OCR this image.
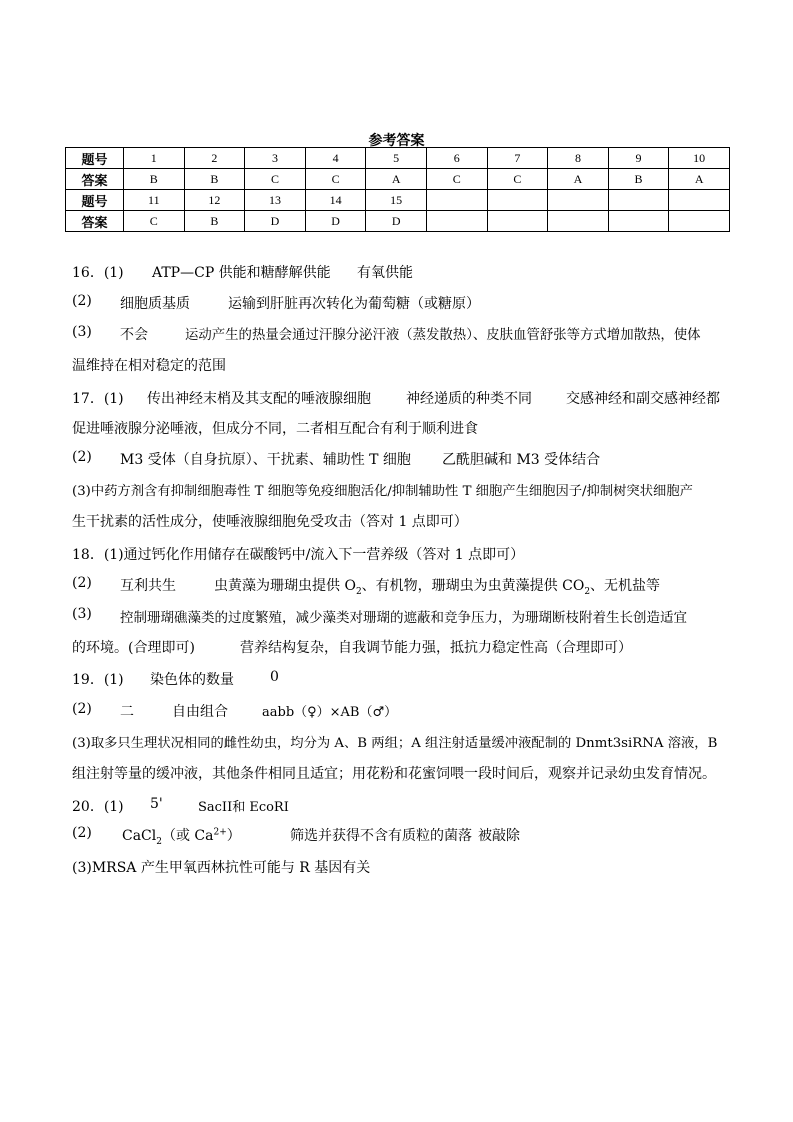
参考答案
题号	1	2	3	4	5	6	7	8	9	10
答案	B	B	C	C	A	C	C	A	B	A
题号	11	12	13	14	15					
答案	C	B	D	D	D					
16．(1) ATP—CP 供能和糖酵解供能 有氧供能
(2) 细胞质基质	运输到肝脏再次转化为葡萄糖（或糖原）
(3) 不会	运动产生的热量会通过汗腺分泌汗液（蒸发散热）、皮肤血管舒张等方式增加散热，使体
温维持在相对稳定的范围
17．(1) 传出神经末梢及其支配的唾液腺细胞	神经递质的种类不同 交感神经和副交感神经都
促进唾液腺分泌唾液，但成分不同，二者相互配合有利于顺利进食
(2) M3 受体（自身抗原）、干扰素、辅助性 T 细胞 乙酰胆碱和 M3 受体结合
(3)中药方剂含有抑制细胞毒性 T 细胞等免疫细胞活化/抑制辅助性 T 细胞产生细胞因子/抑制树突状细胞产
生干扰素的活性成分，使唾液腺细胞免受攻击（答对 1 点即可）
18．(1)通过钙化作用储存在碳酸钙中/流入下一营养级（答对 1 点即可）
(2) 互利共生	虫黄藻为珊瑚虫提供 $O_2$、有机物，珊瑚虫为虫黄藻提供 $CO_2$、无机盐等
(3) 控制珊瑚礁藻类的过度繁殖，减少藻类对珊瑚的遮蔽和竞争压力，为珊瑚断枝附着生长创造适宜
的环境。(合理即可)	营养结构复杂，自我调节能力强，抵抗力稳定性高（合理即可）
19．(1) 染色体的数量	0
(2) 二	自由组合	aabb（♀）×AB（♂）
(3)取多只生理状况相同的雌性幼虫，均分为 A、B 两组；A 组注射适量缓冲液配制的 Dnmt3siRNA 溶液，B
组注射等量的缓冲液，其他条件相同且适宜；用花粉和花蜜饲喂一段时间后，观察并记录幼虫发育情况。
20．(1) 5'	SacII和 EcoRI
(2) CaCl$_2$（或 $Ca^{2+}$）	筛选并获得不含有质粒的菌落 被敲除
(3)MRSA 产生甲氧西林抗性可能与 R 基因有关
